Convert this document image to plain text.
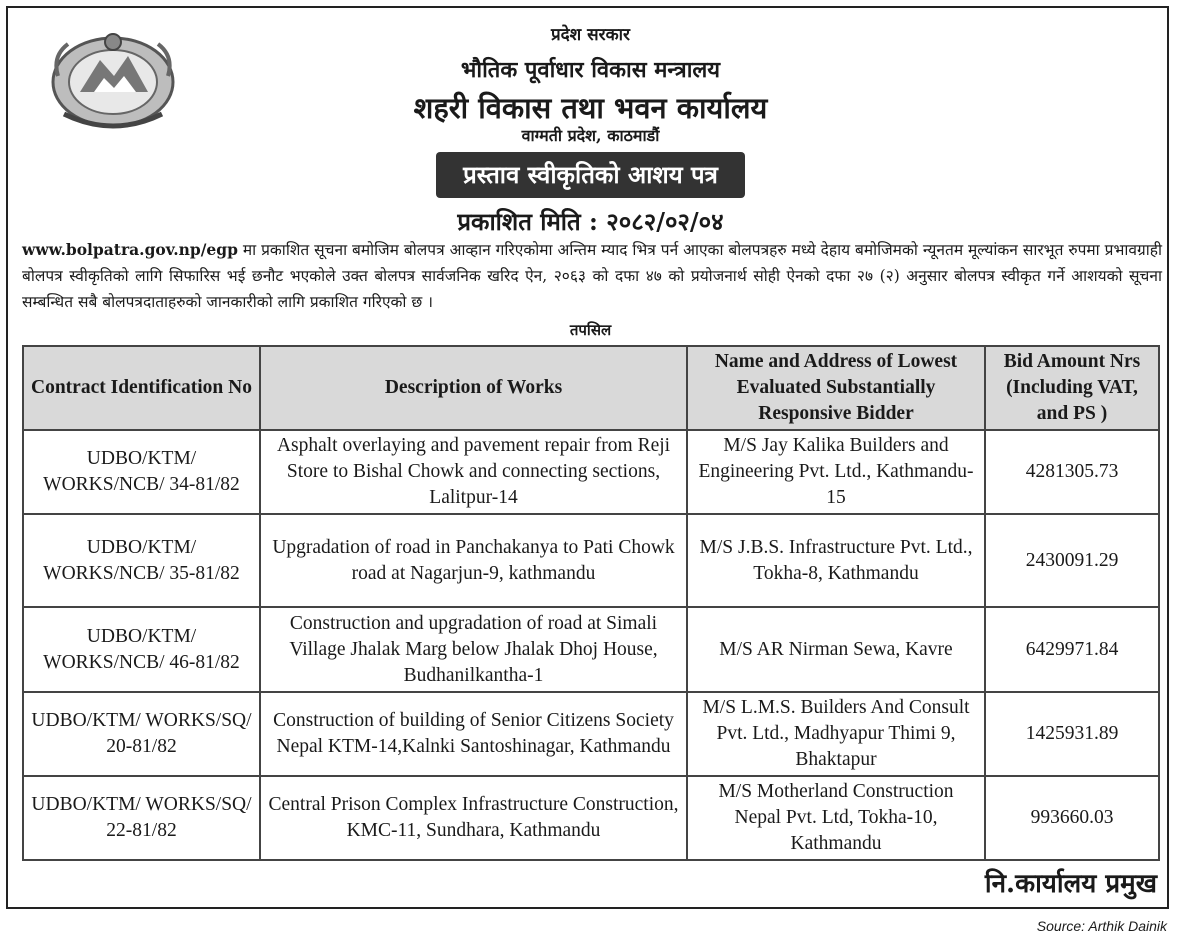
प्रदेश सरकार
भौतिक पूर्वाधार विकास मन्त्रालय
शहरी विकास तथा भवन कार्यालय
वाग्मती प्रदेश, काठमाडौं
प्रस्ताव स्वीकृतिको आशय पत्र
प्रकाशित मिति : २०८२/०२/०४
www.bolpatra.gov.np/egp मा प्रकाशित सूचना बमोजिम बोलपत्र आव्हान गरिएकोमा अन्तिम म्याद भित्र पर्न आएका बोलपत्रहरु मध्ये देहाय बमोजिमको न्यूनतम मूल्यांकन सारभूत रुपमा प्रभावग्राही बोलपत्र स्वीकृतिको लागि सिफारिस भई छनौट भएकोले उक्त बोलपत्र सार्वजनिक खरिद ऐन, २०६३ को दफा ४७ को प्रयोजनार्थ सोही ऐनको दफा २७ (२) अनुसार बोलपत्र स्वीकृत गर्ने आशयको सूचना सम्बन्धित सबै बोलपत्रदाताहरुको जानकारीको लागि प्रकाशित गरिएको छ ।
तपसिल
Contract Identification No	Description of Works	Name and Address of Lowest Evaluated Substantially Responsive Bidder	Bid Amount Nrs (Including VAT, and PS )
UDBO/KTM/ WORKS/NCB/ 34-81/82	Asphalt overlaying and pavement repair from Reji Store to Bishal Chowk and connecting sections, Lalitpur-14	M/S Jay Kalika Builders and Engineering Pvt. Ltd., Kathmandu-15	4281305.73
UDBO/KTM/ WORKS/NCB/ 35-81/82	Upgradation of road in Panchakanya to Pati Chowk road at Nagarjun-9, kathmandu	M/S J.B.S. Infrastructure Pvt. Ltd., Tokha-8, Kathmandu	2430091.29
UDBO/KTM/ WORKS/NCB/ 46-81/82	Construction and upgradation of road at Simali Village Jhalak Marg below Jhalak Dhoj House, Budhanilkantha-1	M/S AR Nirman Sewa, Kavre	6429971.84
UDBO/KTM/ WORKS/SQ/ 20-81/82	Construction of building of Senior Citizens Society Nepal KTM-14,Kalnki Santoshinagar, Kathmandu	M/S L.M.S. Builders And Consult Pvt. Ltd., Madhyapur Thimi 9, Bhaktapur	1425931.89
UDBO/KTM/ WORKS/SQ/ 22-81/82	Central Prison Complex Infrastructure Construction, KMC-11, Sundhara, Kathmandu	M/S Motherland Construction Nepal Pvt. Ltd, Tokha-10, Kathmandu	993660.03
नि.कार्यालय प्रमुख
Source: Arthik Dainik
